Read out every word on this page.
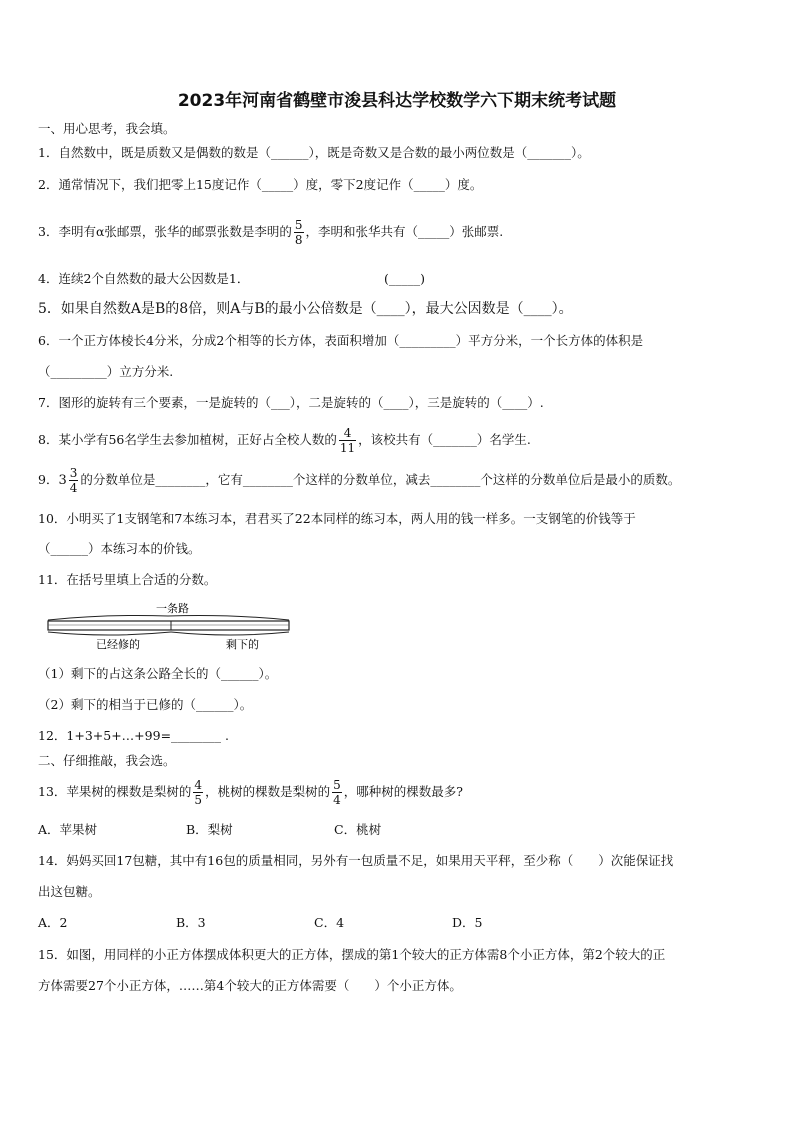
2023年河南省鹤壁市浚县科达学校数学六下期末统考试题
一、用心思考，我会填。
1．自然数中，既是质数又是偶数的数是（______），既是奇数又是合数的最小两位数是（_______）。
2．通常情况下，我们把零上15度记作（_____）度，零下2度记作（_____）度。
3．李明有α张邮票，张华的邮票张数是李明的 $\frac{5}{8}$ ，李明和张华共有（_____）张邮票.
4．连续2个自然数的最大公因数是1．	(_____)
5．如果自然数A是B的8倍，则A与B的最小公倍数是（____），最大公因数是（____）。
6．一个正方体棱长4分米，分成2个相等的长方体，表面积增加（_________）平方分米，一个长方体的体积是
（_________）立方分米.
7．图形的旋转有三个要素，一是旋转的（___），二是旋转的（____），三是旋转的（____）.
8．某小学有56名学生去参加植树，正好占全校人数的 $\frac{4}{11}$ ，该校共有（_______）名学生.
9．$3 \frac{3}{4}$ 的分数单位是________，它有________个这样的分数单位，减去________个这样的分数单位后是最小的质数。
10．小明买了1支钢笔和7本练习本，君君买了22本同样的练习本，两人用的钱一样多。一支钢笔的价钱等于
（______）本练习本的价钱。
11．在括号里填上合适的分数。
一条路
已经修的	剩下的
（1）剩下的占这条公路全长的（______）。
（2）剩下的相当于已修的（______）。
12．1+3+5+…+99=________ .
二、仔细推敲，我会选。
13．苹果树的棵数是梨树的 $\frac{4}{5}$ ，桃树的棵数是梨树的 $\frac{5}{4}$ ，哪种树的棵数最多?
A．苹果树	B．梨树	C．桃树
14．妈妈买回17包糖，其中有16包的质量相同，另外有一包质量不足，如果用天平秤，至少称（　　）次能保证找
出这包糖。
A．2	B．3	C．4	D．5
15．如图，用同样的小正方体摆成体积更大的正方体，摆成的第1个较大的正方体需8个小正方体，第2个较大的正
方体需要27个小正方体，……第4个较大的正方体需要（　　）个小正方体。
